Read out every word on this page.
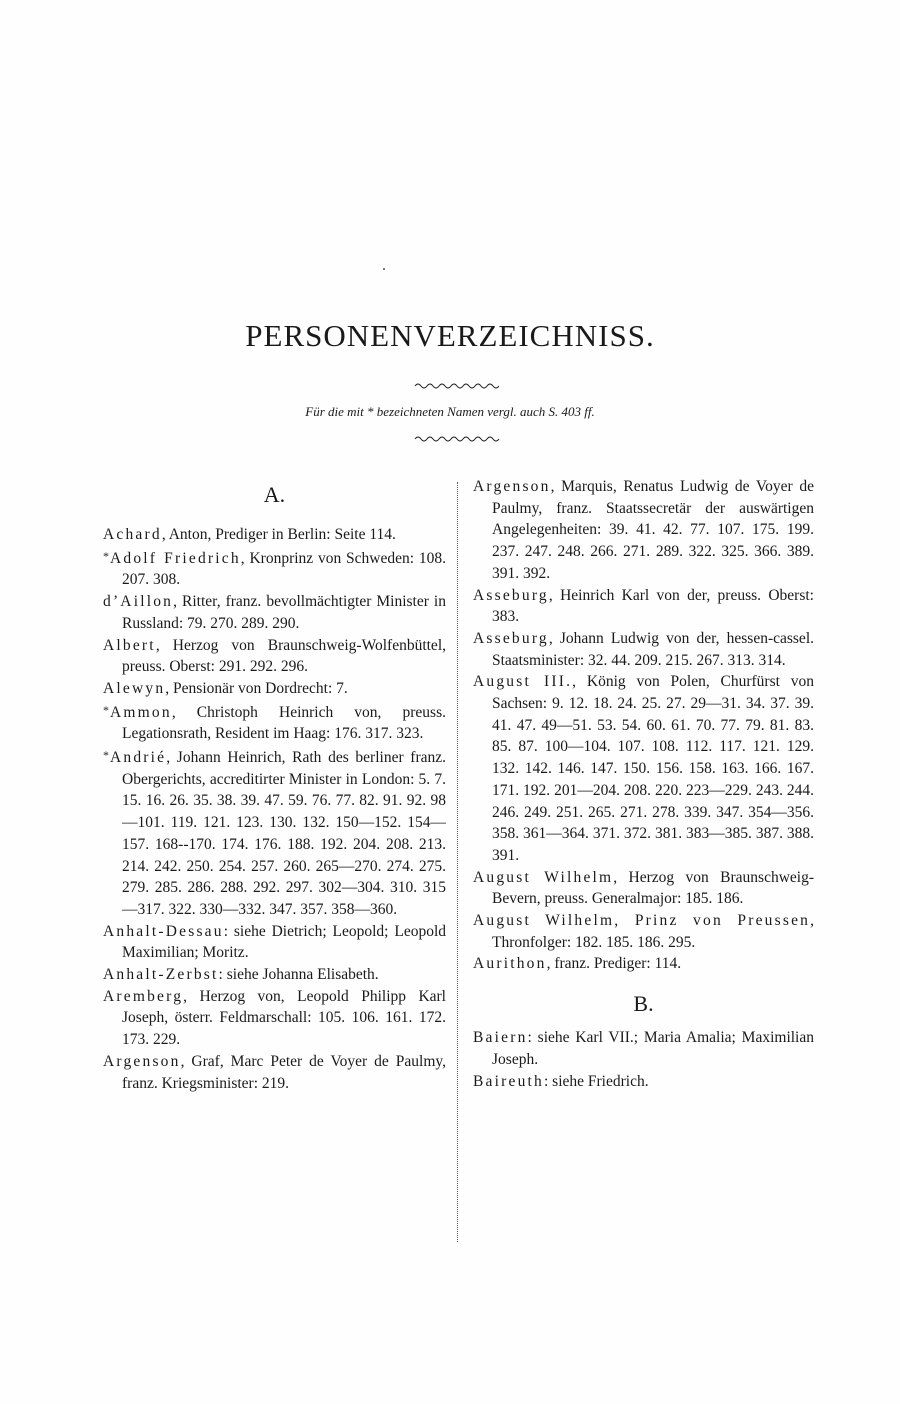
PERSONENVERZEICHNISS.
Für die mit * bezeichneten Namen vergl. auch S. 403 ff.
A.

Achard, Anton, Prediger in Berlin: Seite 114.

*Adolf Friedrich, Kronprinz von Schweden: 108. 207. 308.

d’Aillon, Ritter, franz. bevollmächtigter Minister in Russland: 79. 270. 289. 290.

Albert, Herzog von Braunschweig-Wolfenbüttel, preuss. Oberst: 291. 292. 296.

Alewyn, Pensionär von Dordrecht: 7.

*Ammon, Christoph Heinrich von, preuss. Legationsrath, Resident im Haag: 176. 317. 323.

*Andrié, Johann Heinrich, Rath des berliner franz. Obergerichts, accreditirter Minister in London: 5. 7. 15. 16. 26. 35. 38. 39. 47. 59. 76. 77. 82. 91. 92. 98—101. 119. 121. 123. 130. 132. 150—152. 154—157. 168--170. 174. 176. 188. 192. 204. 208. 213. 214. 242. 250. 254. 257. 260. 265—270. 274. 275. 279. 285. 286. 288. 292. 297. 302—304. 310. 315—317. 322. 330—332. 347. 357. 358—360.

Anhalt-Dessau: siehe Dietrich; Leopold; Leopold Maximilian; Moritz.

Anhalt-Zerbst: siehe Johanna Elisabeth.

Aremberg, Herzog von, Leopold Philipp Karl Joseph, österr. Feldmarschall: 105. 106. 161. 172. 173. 229.

Argenson, Graf, Marc Peter de Voyer de Paulmy, franz. Kriegsminister: 219.

Argenson, Marquis, Renatus Ludwig de Voyer de Paulmy, franz. Staatssecretär der auswärtigen Angelegenheiten: 39. 41. 42. 77. 107. 175. 199. 237. 247. 248. 266. 271. 289. 322. 325. 366. 389. 391. 392.

Asseburg, Heinrich Karl von der, preuss. Oberst: 383.

Asseburg, Johann Ludwig von der, hessen-cassel. Staatsminister: 32. 44. 209. 215. 267. 313. 314.

August III., König von Polen, Churfürst von Sachsen: 9. 12. 18. 24. 25. 27. 29—31. 34. 37. 39. 41. 47. 49—51. 53. 54. 60. 61. 70. 77. 79. 81. 83. 85. 87. 100—104. 107. 108. 112. 117. 121. 129. 132. 142. 146. 147. 150. 156. 158. 163. 166. 167. 171. 192. 201—204. 208. 220. 223—229. 243. 244. 246. 249. 251. 265. 271. 278. 339. 347. 354—356. 358. 361—364. 371. 372. 381. 383—385. 387. 388. 391.

August Wilhelm, Herzog von Braunschweig-Bevern, preuss. Generalmajor: 185. 186.

August Wilhelm, Prinz von Preussen, Thronfolger: 182. 185. 186. 295.

Aurithon, franz. Prediger: 114.

B.

Baiern: siehe Karl VII.; Maria Amalia; Maximilian Joseph.

Baireuth: siehe Friedrich.
